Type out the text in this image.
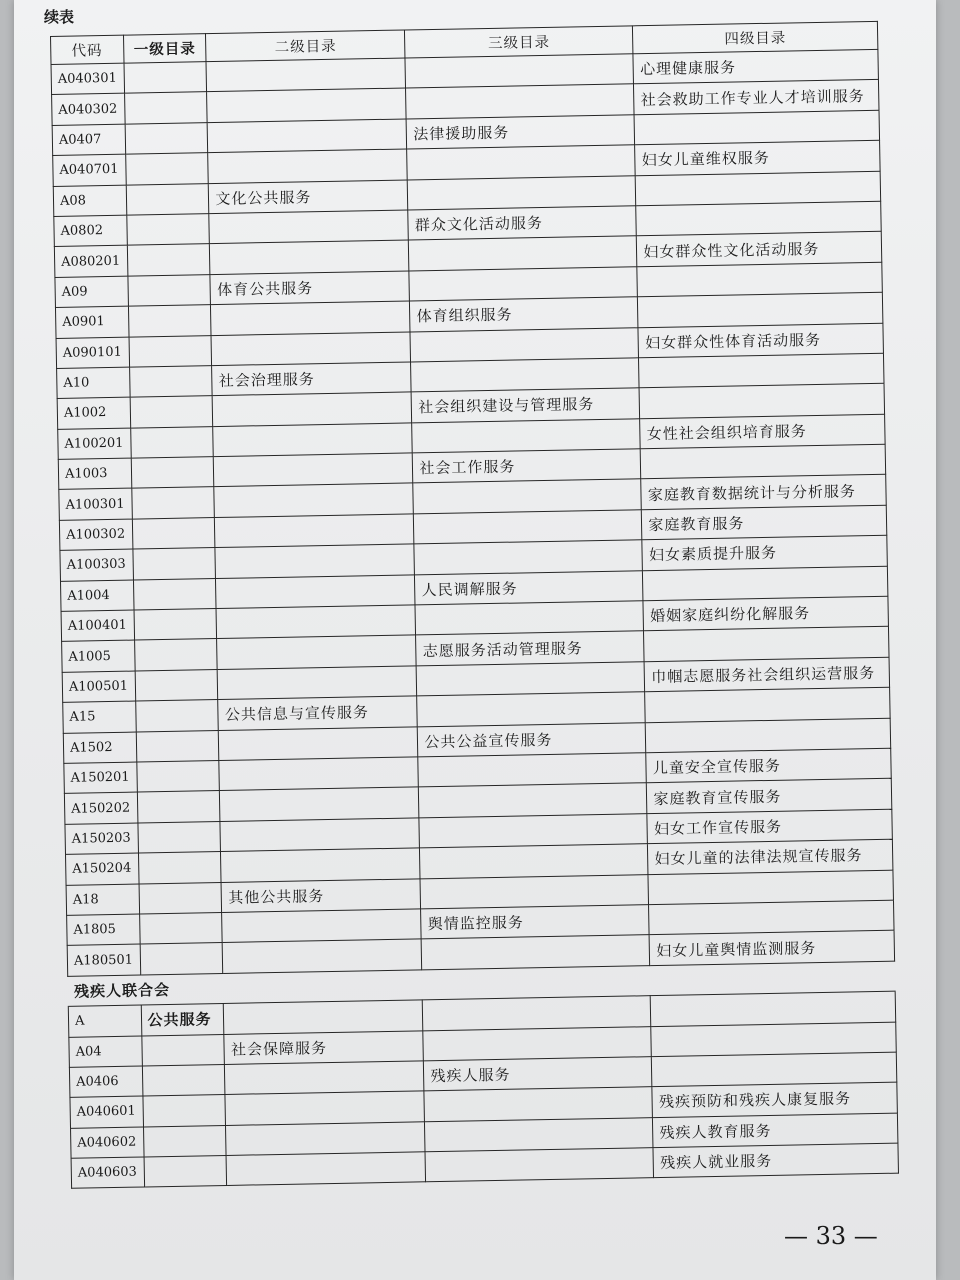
续表
代码	一级目录	二级目录	三级目录	四级目录
A040301				心理健康服务
A040302				社会救助工作专业人才培训服务
A0407			法律援助服务	
A040701				妇女儿童维权服务
A08		文化公共服务		
A0802			群众文化活动服务	
A080201				妇女群众性文化活动服务
A09		体育公共服务		
A0901			体育组织服务	
A090101				妇女群众性体育活动服务
A10		社会治理服务		
A1002			社会组织建设与管理服务	
A100201				女性社会组织培育服务
A1003			社会工作服务	
A100301				家庭教育数据统计与分析服务
A100302				家庭教育服务
A100303				妇女素质提升服务
A1004			人民调解服务	
A100401				婚姻家庭纠纷化解服务
A1005			志愿服务活动管理服务	
A100501				巾帼志愿服务社会组织运营服务
A15		公共信息与宣传服务		
A1502			公共公益宣传服务	
A150201				儿童安全宣传服务
A150202				家庭教育宣传服务
A150203				妇女工作宣传服务
A150204				妇女儿童的法律法规宣传服务
A18		其他公共服务		
A1805			舆情监控服务	
A180501				妇女儿童舆情监测服务
残疾人联合会				
A	公共服务			
A04		社会保障服务		
A0406			残疾人服务	
A040601				残疾预防和残疾人康复服务
A040602				残疾人教育服务
A040603				残疾人就业服务
— 33 —
